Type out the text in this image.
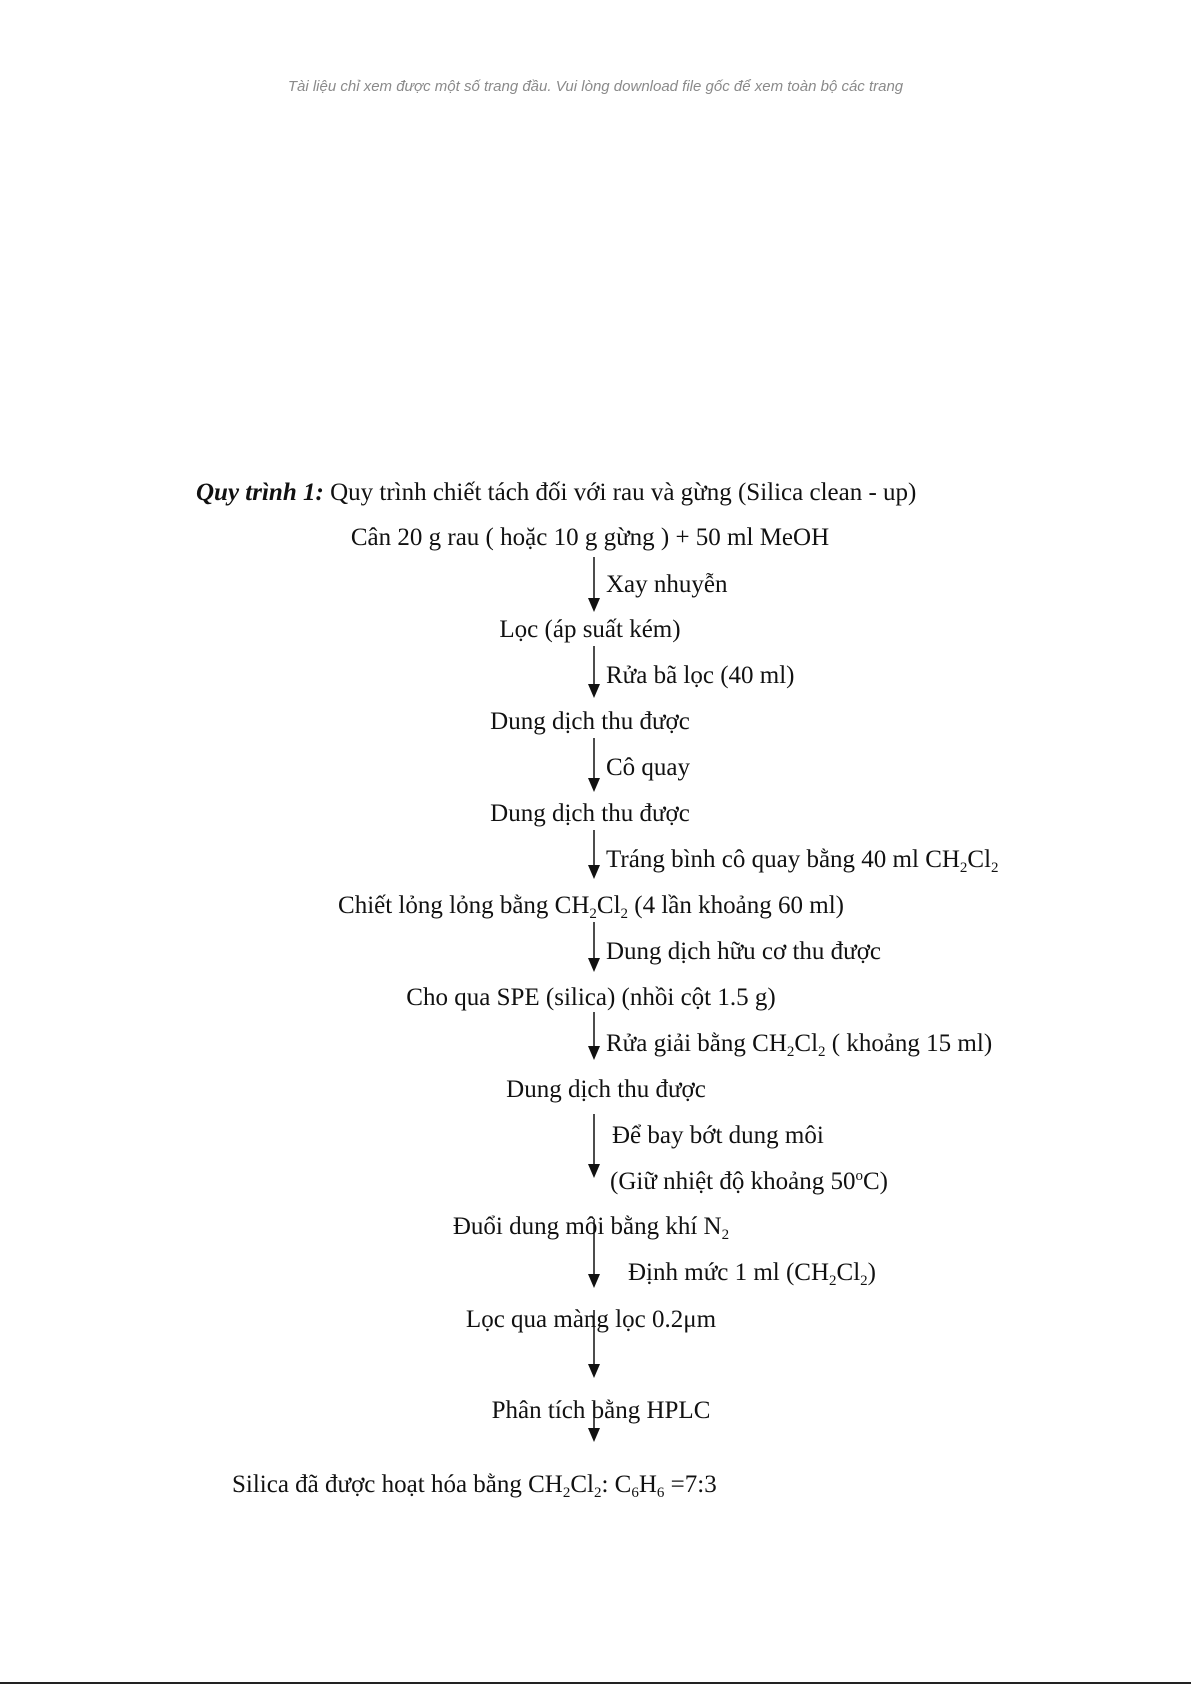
Tài liệu chỉ xem được một số trang đầu. Vui lòng download file gốc để xem toàn bộ các trang
Quy trình 1: Quy trình chiết tách đối với rau và gừng (Silica clean - up)
Cân 20 g rau ( hoặc 10 g gừng ) + 50 ml MeOH
Xay nhuyễn
Lọc (áp suất kém)
Rửa bã lọc (40 ml)
Dung dịch thu được
Cô quay
Dung dịch thu được
Tráng bình cô quay bằng 40 ml $CH_2Cl_2$
Chiết lỏng lỏng bằng $CH_2Cl_2$ (4 lần khoảng 60 ml)
Dung dịch hữu cơ thu được
Cho qua SPE (silica) (nhồi cột 1.5 g)
Rửa giải bằng $CH_2Cl_2$ ( khoảng 15 ml)
Dung dịch thu được
Để bay bớt dung môi
(Giữ nhiệt độ khoảng 50$^o$C)
Đuổi dung môi bằng khí $N_2$
Định mức 1 ml $(CH_2Cl_2)$
Lọc qua màng lọc 0.2μm
Phân tích bằng HPLC
Silica đã được hoạt hóa bằng $CH_2Cl_2$: $C_6H_6$ =7:3
